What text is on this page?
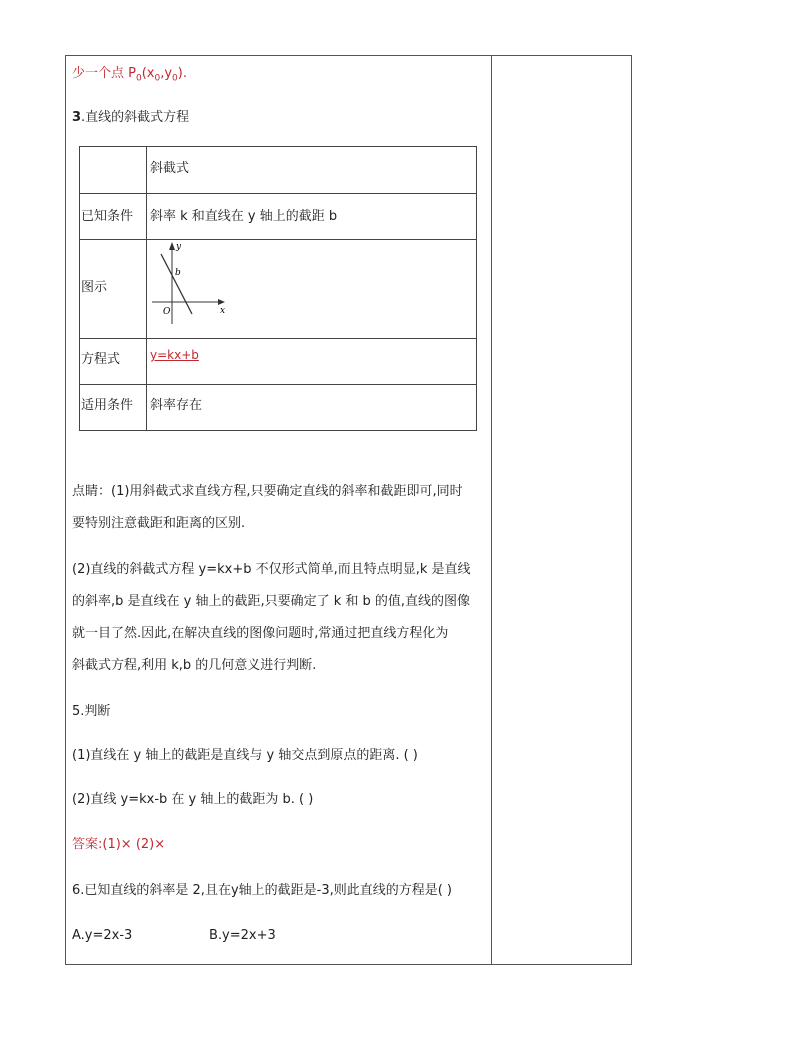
少一个点 $P_0(x_0,y_0)$.
3.直线的斜截式方程

	斜截式

已知条件	斜率 k 和直线在 y 轴上的截距 b

图示	y
x
O
b

方程式	y=kx+b

适用条件	斜率存在
点睛：(1)用斜截式求直线方程,只要确定直线的斜率和截距即可,同时
要特别注意截距和距离的区别.
(2)直线的斜截式方程 y=kx+b 不仅形式简单,而且特点明显,k 是直线
的斜率,b 是直线在 y 轴上的截距,只要确定了 k 和 b 的值,直线的图像
就一目了然.因此,在解决直线的图像问题时,常通过把直线方程化为
斜截式方程,利用 k,b 的几何意义进行判断.
5.判断
(1)直线在 y 轴上的截距是直线与 y 轴交点到原点的距离. ( )
(2)直线 y=kx-b 在 y 轴上的截距为 b. ( )
答案:(1)× (2)×
6.已知直线的斜率是 2,且在y轴上的截距是-3,则此直线的方程是( )
A.y=2x-3	B.y=2x+3
